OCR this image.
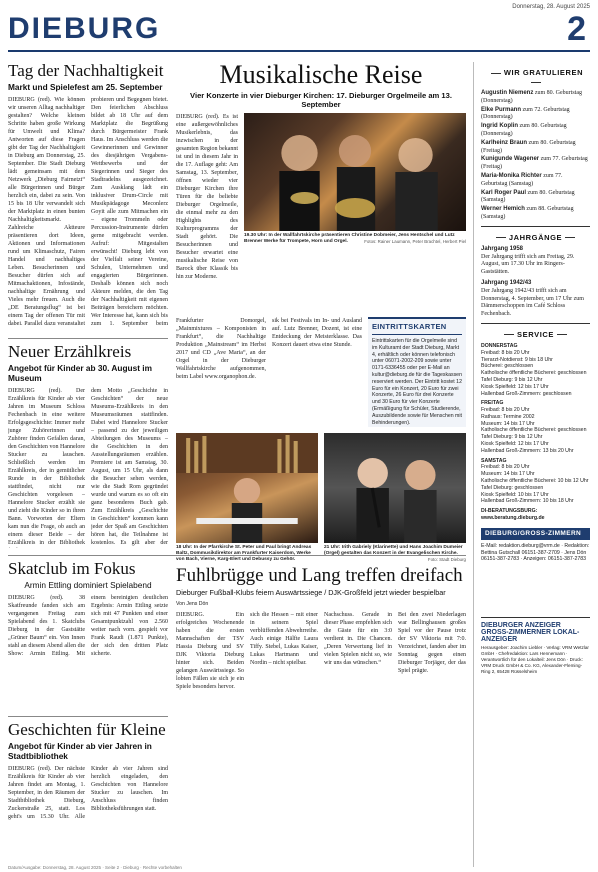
Donnerstag, 28. August 2025
DIEBURG	2
Tag der Nachhaltigkeit
Markt und Spielefest am 25. September
DIEBURG (red). Wie können wir unseren Alltag nachhaltiger gestalten? Welche kleinen Schritte haben große Wirkung für Umwelt und Klima? Antworten auf diese Fragen gibt der Tag der Nachhaltigkeit in Dieburg am Donnerstag, 25. September. Die Stadt Dieburg lädt gemeinsam mit dem Netzwerk „Dieburg Fairnetzt“ alle Bürgerinnen und Bürger herzlich ein, dabei zu sein. Von 15 bis 18 Uhr verwandelt sich der Marktplatz in einen bunten Nachhaltigkeitsmarkt. Zahlreiche Aktteure präsentieren dort Ideen, Aktionen und Informationen rund um Klimaschutz, Fairen Handel und nachhaltiges Leben. Besucherinnen und Besucher dürfen sich auf Mitmachaktionen, Infostände, nachhaltige Ernährung und Vieles mehr freuen. Auch die „DE Beratungsflug“ ist bei einem Tag der offenen Tür mit dabei. Parallel dazu veranstaltet
probieren und Begegnen bietet. Den feierlichen Abschluss bildet ab 18 Uhr auf dem Marktplatz die Begrüßung durch Bürgermeister Frank Haus. Im Anschluss werden die Gewinnerinnen und Gewinner des diesjährigen Vergabens-Wettbewerbs und der Siegerinnen und Sieger des Stadtradelns ausgezeichnet. Zum Ausklang lädt ein inklusiver Drum-Circle mit Musikpädagoge Meconlerz Goyit alle zum Mitmachen ein – eigene Trommeln oder Percussion-Instrumente dürfen gerne mitgebracht werden. Aufruf: Mitgestalten erwünscht! Dieburg lebt von der Vielfalt seiner Vereine, Schulen, Unternehmen und engagierten Bürgerinnen. Deshalb können sich noch Akteure melden, die den Tag der Nachhaltigkeit mit eigenen Beiträgen bereichern möchten. Wer Interesse hat, kann sich bis zum 1. September beim
Neuer Erzählkreis
Angebot für Kinder ab 30. August im Museum
DIEBURG (red). Der Erzählkreis für Kinder ab vier Jahren im Museum Schloss Fechenbach in eine weitere Erfolgsgeschichte: Immer mehr junge Zuhörerinnen und Zuhörer finden Gefallen daran, den Geschichten von Hannelore Stucker zu lauschen. Schließlich werden im Erzählkreis, der in gemütlicher Runde in der Bibliothek stattfindet, nicht nur Geschichten vorgelesen – Hannelore Stucker erzählt sie und zieht die Kinder so in ihren Bann. Vorworten der Eltern kam nun die Frage, ob auch an einem dieser Beide – der Erzählkreis in der Bibliothek
dem Motto „Geschichte in Geschichten“ der neue Museums-Erzählkreis in den Museumsräumen stattfinden. Dabei wird Hannelore Stucker – passend zu der jeweiligen Abteilungen des Museums – die Geschichten in den Ausstellungsräumen erzählen. Premiere ist am Samstag, 30. August, um 15 Uhr, als dann die Besucher sehen werden, wie die Stadt Rom gegründet wurde und warum es so oft ein ganz besonderes Buch gab. Zum Erzählkreis „Geschichte in Geschichten“ kommen kann jeder der Spaß am Geschichten hören hat, die Teilnahme ist kostenlos. Es gilt aber der
Musikalische Reise
Vier Konzerte in vier Dieburger Kirchen: 17. Dieburger Orgelmeile am 13. September
DIEBURG (red). Es ist eine außergewöhnliches Musikerlebnis, das inzwischen in der gesamten Region bekannt ist und in diesem Jahr in die 17. Auflage geht: Am Samstag, 13. September, öffnen wieder vier Dieburger Kirchen ihre Türen für die beliebte Dieburger Orgelmeile, die einmal mehr zu den Highlights des Kulturprogramms der Stadt gehört. Die Besucherinnen und Besucher erwartet eine musikalische Reise von Barock über Klassik bis hin zur Moderne.
19.30 Uhr: In der Wallfahrtskirche präsentieren Christine Dobmeier, Jens Hentschel und Lutz Brenner Werke für Trompete, Horn und Orgel.	Fotos: Rainer Laumann, Peter Brachtel, Herbert Piel
Frankfurter Domorgel, „Mainmixtures – Komponisten in Frankfurt“, die Nachhaltige Produktion „Mainstream“ im Herbst 2017 und CD „Ave Maria“, an der Orgel in der Dieburger Wallfahrtskirche aufgenommen, beim Label www.organophon.de.
sik bei Festivals im In- und Ausland auf. Lutz Brenner, Dozent, ist eine Entdeckung der Meisterklasse. Das Konzert dauert etwa eine Stunde.
EINTRITTSKARTEN
Eintrittskarten für die Orgelmeile sind im Kulturamt der Stadt Dieburg, Markt 4, erhältlich oder können telefonisch unter 06071-2002-209 sowie unter 0171-6336455 oder per E-Mail an kultur@dieburg.de für die Tageskassen reserviert werden. Der Eintritt kostet 12 Euro für ein Konzert, 20 Euro für zwei Konzerte, 26 Euro für drei Konzerte und 30 Euro für vier Konzerte (Ermäßigung für Schüler, Studierende, Auszubildende sowie für Menschen mit Behinderungen).
18 Uhr: In der Pfarrkirche St. Peter und Paul bringt Andreas Baltz, Dommusikdirektor am Frankfurter Kaiserdom, Werke von Bach, Vierne, Karg-Elert und Debussy zu Gehör.
21 Uhr: Irith Gabriely (Klarinette) und Hans Joachim Dumeier (Orgel) gestalten das Konzert in der Evangelischen Kirche.
Foto: Stadt Dieburg
Skatclub im Fokus
Armin Ettling dominiert Spielabend
DIEBURG (red). 38 Skatfreunde fanden sich am vergangenen Freitag zum Spielabend des 1. Skatclubs Dieburg in der Gaststätte „Grüner Baum“ ein. Von Innen stahl an diesem Abend allen die Show: Armin Ettling. Mit einem bereinigten deutlichen Ergebnis: Armin Ettling setzte sich mit 47 Punkten und einer Gesamtpunktzahl von 2.560 weiter nach vorn. gespielt vor Frank Raudi (1.871 Punkte), der sich den dritten Platz sicherte.
Geschichten für Kleine
Angebot für Kinder ab vier Jahren in Stadtbibliothek
DIEBURG (red). Der nächste Erzählkreis für Kinder ab vier Jahren findet am Montag, 1. September, in den Räumen der Stadtbibliothek Dieburg, Zuckerstraße 25, statt. Los geht's um 15.30 Uhr. Alle Kinder ab vier Jahren sind herzlich eingeladen, den Geschichten von Hannelore Stucker zu lauschen. Im Anschluss finden Bibliotheksführungen statt.
Fuhlbrügge und Lang treffen dreifach
Dieburger Fußball-Klubs feiern Auswärtssiege / DJK-Großfeld jetzt wieder bespielbar
Von Jens Dön
DIEBURG. Ein erfolgreiches Wochenende haben die ersten Mannschaften der TSV Hassia Dieburg und SV DJK Viktoria Dieburg hinter sich. Beiden gelangen Auswärtssiege. So lobten Fällen sie sich je ein Spiele besonders hervor.
sich die Hessen – mit einer in seinem Spiel verblüffenden Abwehrreihe. Auch einige Hälfte Laura Tiffy. Stebel, Lukas Kaiser, Lukas Hartmann und Nordin – nicht spielbar.
Nachschuss. Gerade in dieser Phase empfehlen sich die Gäste für ein 3:0 verdient in. Die Chancen. „Deren Verwertung lief in vielen Spielen nicht so, wie wir uns das wünschen.“
Bei den zwei Niederlagen war Bellinghausen großes Spiel vor der Pause trotz der SV Viktoria mit 7:0. Verzeichnet, fanden aber im Sonntag gegen einen Dieburger Torjäger, der das Spiel prägte.
WIR GRATULIEREN
Augustin Niemenz zum 80. Geburtstag (Donnerstag)
Elke Purmann zum 72. Geburtstag (Donnerstag)
Ingrid Koplin zum 80. Geburtstag (Donnerstag)
Karlheinz Braun zum 80. Geburtstag (Freitag)
Kunigunde Wagener zum 77. Geburtstag (Freitag)
Maria-Monika Richter zum 77. Geburtstag (Samstag)
Karl Roger Paul zum 80. Geburtstag (Samstag)
Werner Hemich zum 88. Geburtstag (Samstag)
JAHRGÄNGE
Jahrgang 1958
Der Jahrgang trifft sich am Freitag, 29. August, um 17.30 Uhr im Ringers-Gaststätten.
Jahrgang 1942/43
Der Jahrgang 1942/43 trifft sich am Donnerstag, 4. September, um 17 Uhr zum Dämmerschoppen im Café Schloss Fechenbach.
SERVICE
DONNERSTAG
Freibad: 8 bis 20 Uhr
Tierarzt-Notdienst: 9 bis 18 Uhr
Bücherei: geschlossen
Katholische öffentliche Bücherei: geschlossen
Tafel Dieburg: 9 bis 12 Uhr
Kiosk Spielfeld: 12 bis 17 Uhr
Hallenbad Groß-Zimmern: geschlossen
FREITAG
Freibad: 8 bis 20 Uhr
Rathaus: Termine 2002
Museum: 14 bis 17 Uhr
Katholische öffentliche Bücherei: geschlossen
Tafel Dieburg: 9 bis 12 Uhr
Kiosk Spielfeld: 12 bis 17 Uhr
Hallenbad Groß-Zimmern: 13 bis 20 Uhr
SAMSTAG
Freibad: 8 bis 20 Uhr
Museum: 14 bis 17 Uhr
Katholische öffentliche Bücherei: 10 bis 12 Uhr
Tafel Dieburg: geschlossen
Kiosk Spielfeld: 10 bis 17 Uhr
Hallenbad Groß-Zimmern: 10 bis 18 Uhr
DI-BERATUNGSBURG: www.beratung.dieburg.de
DIEBURG/GROSS-ZIMMERN
E-Mail: redaktion.dieburg@vrm.de · Redaktion: Bettina Gutschall 06151-387-2709 · Jens Dön 06151-387-2783 · Anzeigen: 06151-387-2783
DIEBURGER ANZEIGER
GROSS-ZIMMERNER LOKAL-ANZEIGER
Herausgeber: Joachim Liebler · Verlag: VRM Wetzlar GmbH · Chefredaktion: Lars Hennemann · Verantwortlich für den Lokalteil: Jens Dön · Druck: VRM Druck GmbH & Co. KG, Alexander-Fleming-Ring 2, 65428 Rüsselsheim
Datum/Ausgabe: Donnerstag, 28. August 2025 · Seite 2 · Dieburg · Rechte vorbehalten
